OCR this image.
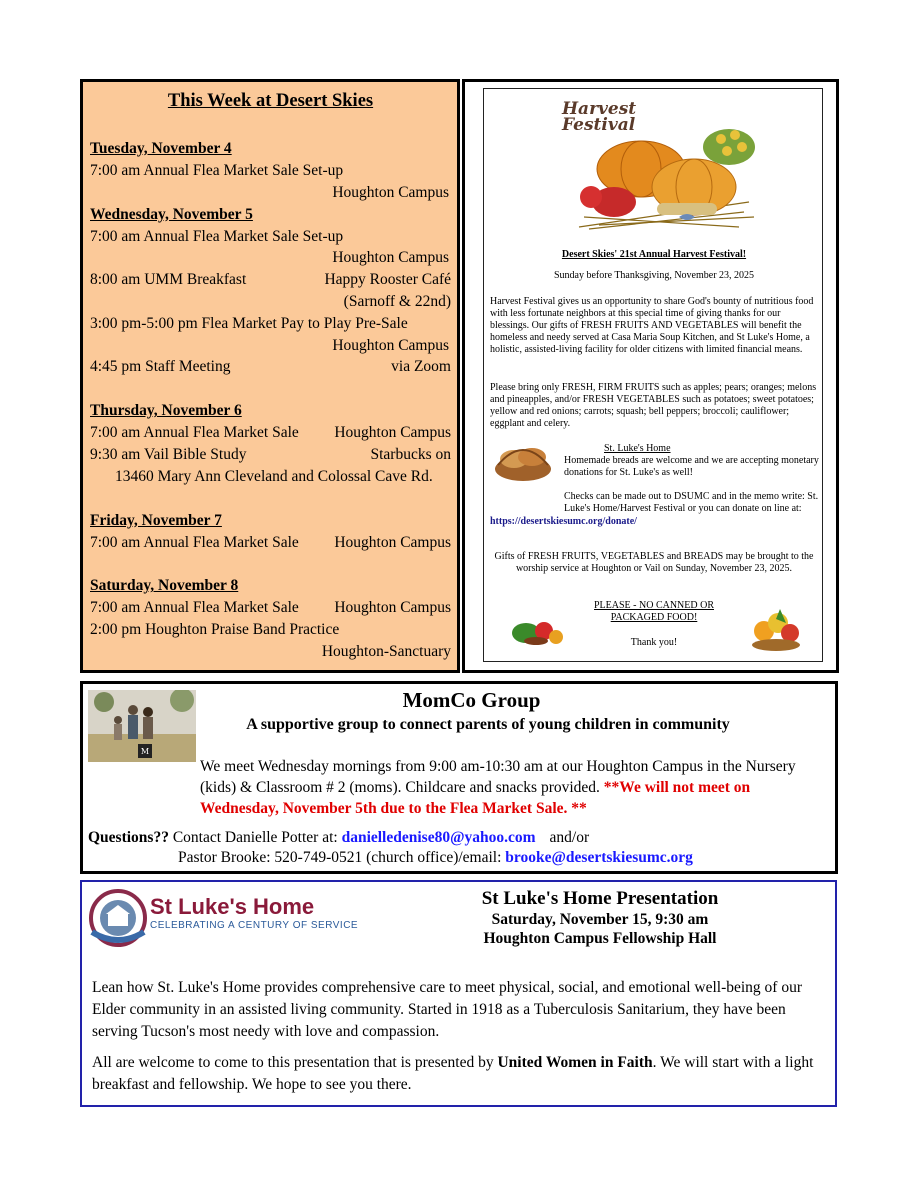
This Week at Desert Skies
Tuesday, November 4
7:00 am Annual Flea Market Sale Set-up
Houghton Campus
Wednesday, November 5
7:00 am Annual Flea Market Sale Set-up
Houghton Campus
8:00 am UMM Breakfast	Happy Rooster Café
(Sarnoff & 22nd)
3:00 pm-5:00 pm Flea Market Pay to Play Pre-Sale
Houghton Campus
4:45 pm Staff Meeting	via Zoom
Thursday, November 6
7:00 am Annual Flea Market Sale Houghton Campus
9:30 am Vail Bible Study	Starbucks on
13460 Mary Ann Cleveland and Colossal Cave Rd.
Friday, November 7
7:00 am Annual Flea Market Sale Houghton Campus
Saturday, November 8
7:00 am Annual Flea Market Sale Houghton Campus
2:00 pm Houghton Praise Band Practice
Houghton-Sanctuary
Harvest
Festival
Desert Skies' 21st Annual Harvest Festival!
Sunday before Thanksgiving, November 23, 2025
Harvest Festival gives us an opportunity to share God's bounty of nutritious food with less fortunate neighbors at this special time of giving thanks for our blessings. Our gifts of FRESH FRUITS AND VEGETABLES will benefit the homeless and needy served at Casa Maria Soup Kitchen, and St Luke's Home, a holistic, assisted-living facility for older citizens with limited financial means.
Please bring only FRESH, FIRM FRUITS such as apples; pears; oranges; melons and pineapples, and/or FRESH VEGETABLES such as potatoes; sweet potatoes; yellow and red onions; carrots; squash; bell peppers; broccoli; cauliflower; eggplant and celery.
St. Luke's Home
Homemade breads are welcome and we are accepting monetary donations for St. Luke's as well!
Checks can be made out to DSUMC and in the memo write: St. Luke's Home/Harvest Festival or you can donate on line at:
https://desertskiesumc.org/donate/
Gifts of FRESH FRUITS, VEGETABLES and BREADS may be brought to the worship service at Houghton or Vail on Sunday, November 23, 2025.
PLEASE - NO CANNED OR
PACKAGED FOOD!
Thank you!
M
MomCo Group
A supportive group to connect parents of young children in community
We meet Wednesday mornings from 9:00 am-10:30 am at our Houghton Campus in the Nursery (kids) & Classroom # 2 (moms). Childcare and snacks provided. **We will not meet on Wednesday, November 5th due to the Flea Market Sale. **
Questions?? Contact Danielle Potter at: danielledenise80@yahoo.com and/or
Pastor Brooke: 520-749-0521 (church office)/email: brooke@desertskiesumc.org
St Luke's Home
CELEBRATING A CENTURY OF SERVICE
St Luke's Home Presentation
Saturday, November 15, 9:30 am
Houghton Campus Fellowship Hall
Lean how St. Luke's Home provides comprehensive care to meet physical, social, and emotional well-being of our Elder community in an assisted living community. Started in 1918 as a Tuberculosis Sanitarium, they have been serving Tucson's most needy with love and compassion.
All are welcome to come to this presentation that is presented by United Women in Faith. We will start with a light breakfast and fellowship. We hope to see you there.
